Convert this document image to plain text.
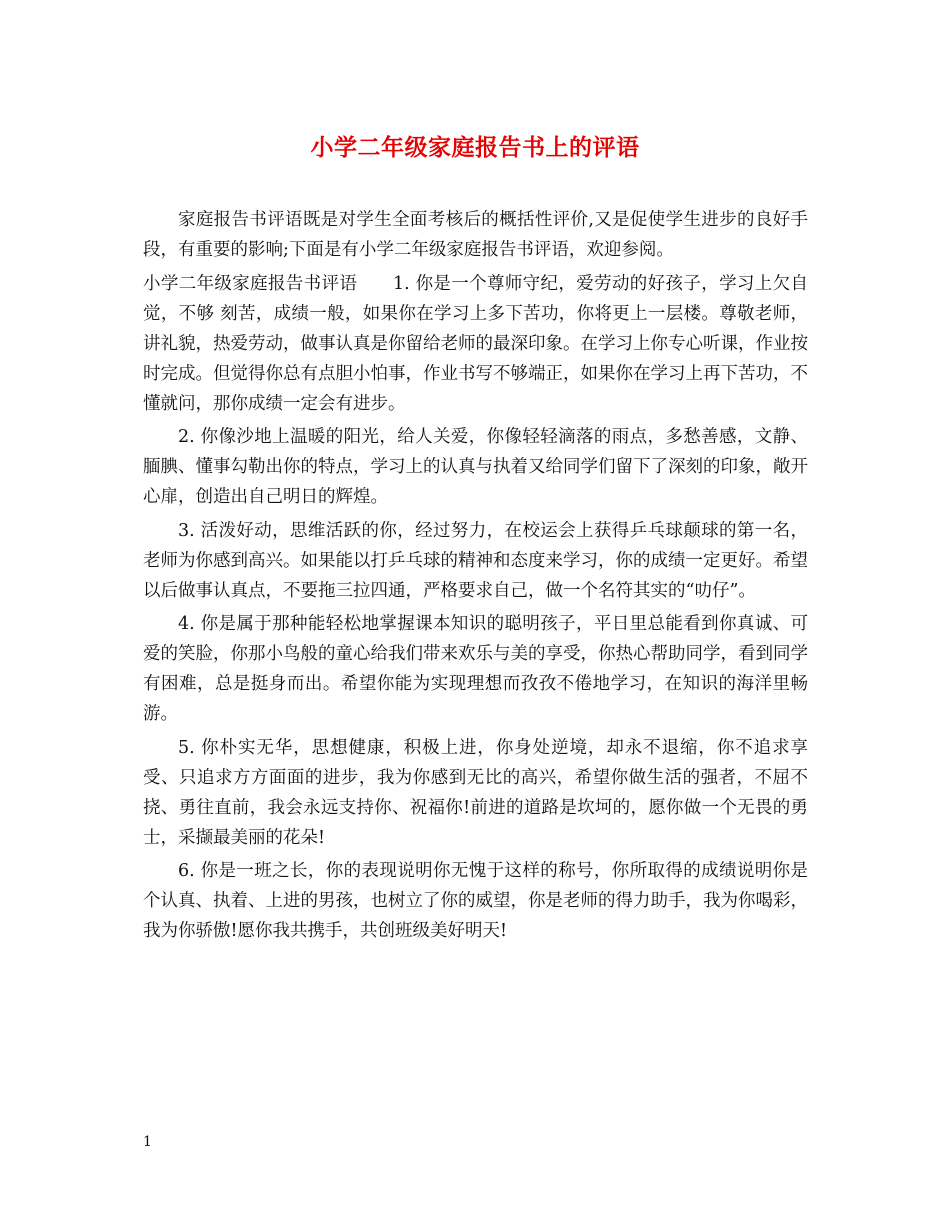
小学二年级家庭报告书上的评语

家庭报告书评语既是对学生全面考核后的概括性评价,又是促使学生进步的良好手段，有重要的影响;下面是有小学二年级家庭报告书评语，欢迎参阅。

小学二年级家庭报告书评语　　1. 你是一个尊师守纪，爱劳动的好孩子，学习上欠自觉，不够 刻苦，成绩一般，如果你在学习上多下苦功，你将更上一层楼。尊敬老师，讲礼貌，热爱劳动，做事认真是你留给老师的最深印象。在学习上你专心听课，作业按时完成。但觉得你总有点胆小怕事，作业书写不够端正，如果你在学习上再下苦功，不懂就问，那你成绩一定会有进步。

2. 你像沙地上温暖的阳光，给人关爱，你像轻轻滴落的雨点，多愁善感，文静、腼腆、懂事勾勒出你的特点，学习上的认真与执着又给同学们留下了深刻的印象，敞开心扉，创造出自己明日的辉煌。

3. 活泼好动，思维活跃的你，经过努力，在校运会上获得乒乓球颠球的第一名，老师为你感到高兴。如果能以打乒乓球的精神和态度来学习，你的成绩一定更好。希望以后做事认真点，不要拖三拉四通，严格要求自己，做一个名符其实的“叻仔”。

4. 你是属于那种能轻松地掌握课本知识的聪明孩子，平日里总能看到你真诚、可爱的笑脸，你那小鸟般的童心给我们带来欢乐与美的享受，你热心帮助同学，看到同学有困难，总是挺身而出。希望你能为实现理想而孜孜不倦地学习，在知识的海洋里畅游。

5. 你朴实无华，思想健康，积极上进，你身处逆境，却永不退缩，你不追求享受、只追求方方面面的进步，我为你感到无比的高兴，希望你做生活的强者，不屈不挠、勇往直前，我会永远支持你、祝福你!前进的道路是坎坷的，愿你做一个无畏的勇士，采撷最美丽的花朵!

6. 你是一班之长，你的表现说明你无愧于这样的称号，你所取得的成绩说明你是个认真、执着、上进的男孩，也树立了你的威望，你是老师的得力助手，我为你喝彩，我为你骄傲!愿你我共携手，共创班级美好明天!

1
